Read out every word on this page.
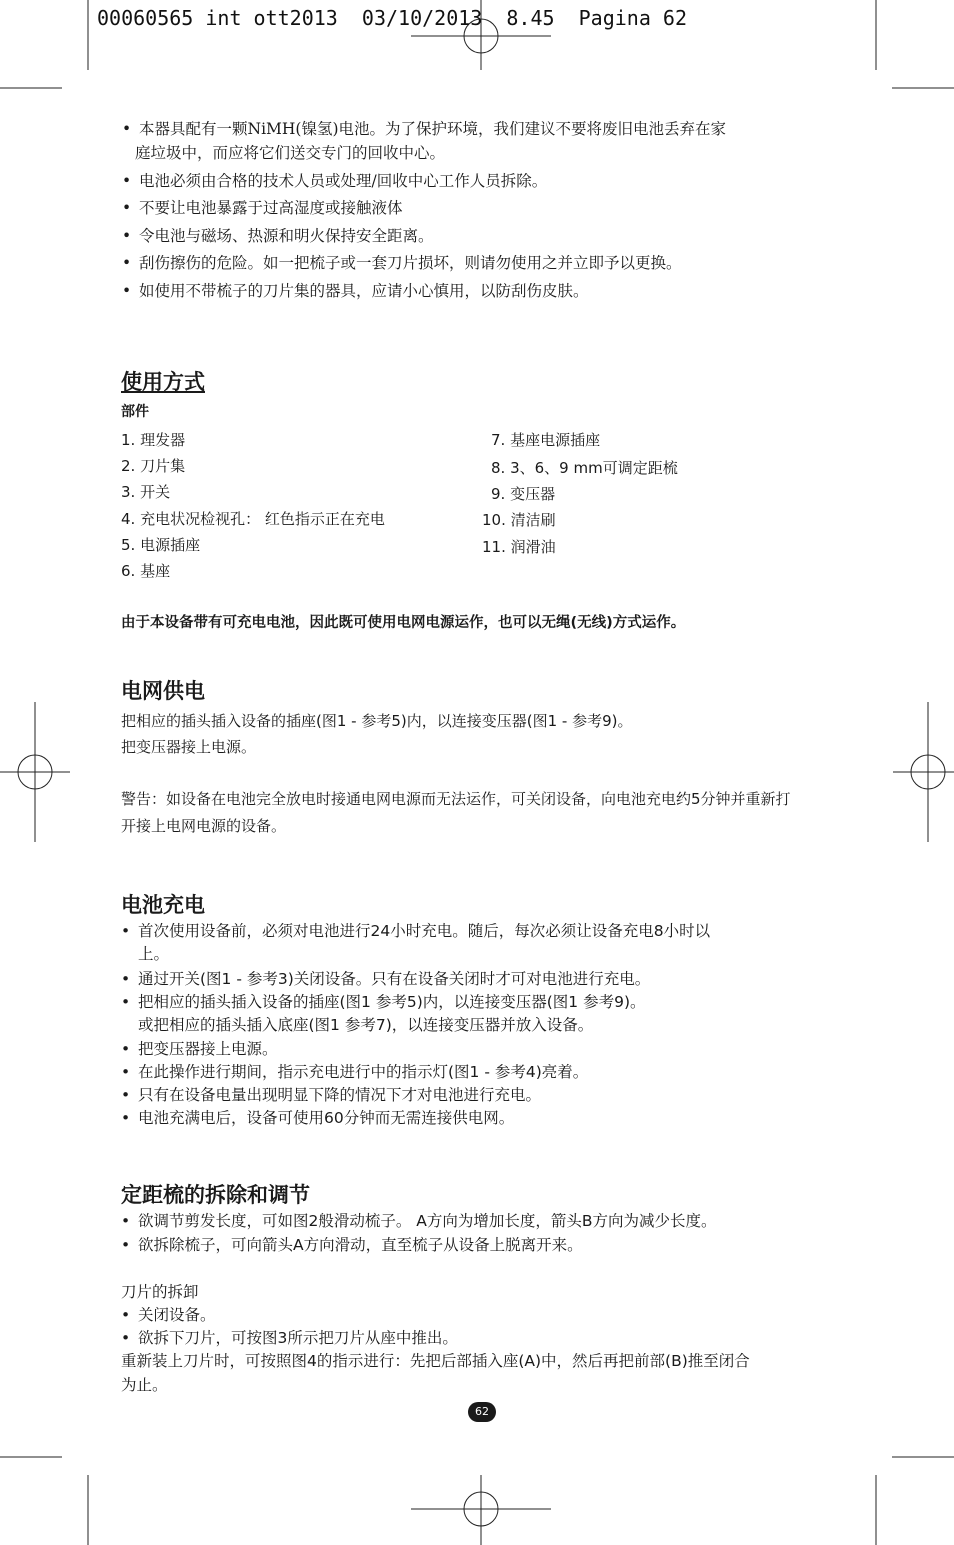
00060565 int ott2013  03/10/2013  8.45  Pagina 62
• 本器具配有一颗NiMH(镍氢)电池。为了保护环境，我们建议不要将废旧电池丢弃在家
庭垃圾中，而应将它们送交专门的回收中心。
• 电池必须由合格的技术人员或处理/回收中心工作人员拆除。
• 不要让电池暴露于过高湿度或接触液体
• 令电池与磁场、热源和明火保持安全距离。
• 刮伤擦伤的危险。如一把梳子或一套刀片损坏，则请勿使用之并立即予以更换。
• 如使用不带梳子的刀片集的器具，应请小心慎用，以防刮伤皮肤。
使用方式
部件
1. 理发器
2. 刀片集
3. 开关
4. 充电状况检视孔： 红色指示正在充电
5. 电源插座
6. 基座
7. 基座电源插座
8. 3、6、9 mm可调定距梳
9. 变压器
10. 清洁刷
11. 润滑油
由于本设备带有可充电电池，因此既可使用电网电源运作，也可以无绳(无线)方式运作。
电网供电
把相应的插头插入设备的插座(图1 - 参考5)内，以连接变压器(图1 - 参考9)。
把变压器接上电源。
警告：如设备在电池完全放电时接通电网电源而无法运作，可关闭设备，向电池充电约5分钟并重新打
开接上电网电源的设备。
电池充电
• 首次使用设备前，必须对电池进行24小时充电。随后，每次必须让设备充电8小时以
上。
• 通过开关(图1 - 参考3)关闭设备。只有在设备关闭时才可对电池进行充电。
• 把相应的插头插入设备的插座(图1 参考5)内，以连接变压器(图1 参考9)。
或把相应的插头插入底座(图1 参考7)，以连接变压器并放入设备。
• 把变压器接上电源。
• 在此操作进行期间，指示充电进行中的指示灯(图1 - 参考4)亮着。
• 只有在设备电量出现明显下降的情况下才对电池进行充电。
• 电池充满电后，设备可使用60分钟而无需连接供电网。
定距梳的拆除和调节
• 欲调节剪发长度，可如图2般滑动梳子。 A方向为增加长度，箭头B方向为减少长度。
• 欲拆除梳子，可向箭头A方向滑动，直至梳子从设备上脱离开来。
刀片的拆卸
• 关闭设备。
• 欲拆下刀片，可按图3所示把刀片从座中推出。
重新装上刀片时，可按照图4的指示进行：先把后部插入座(A)中，然后再把前部(B)推至闭合
为止。
62
